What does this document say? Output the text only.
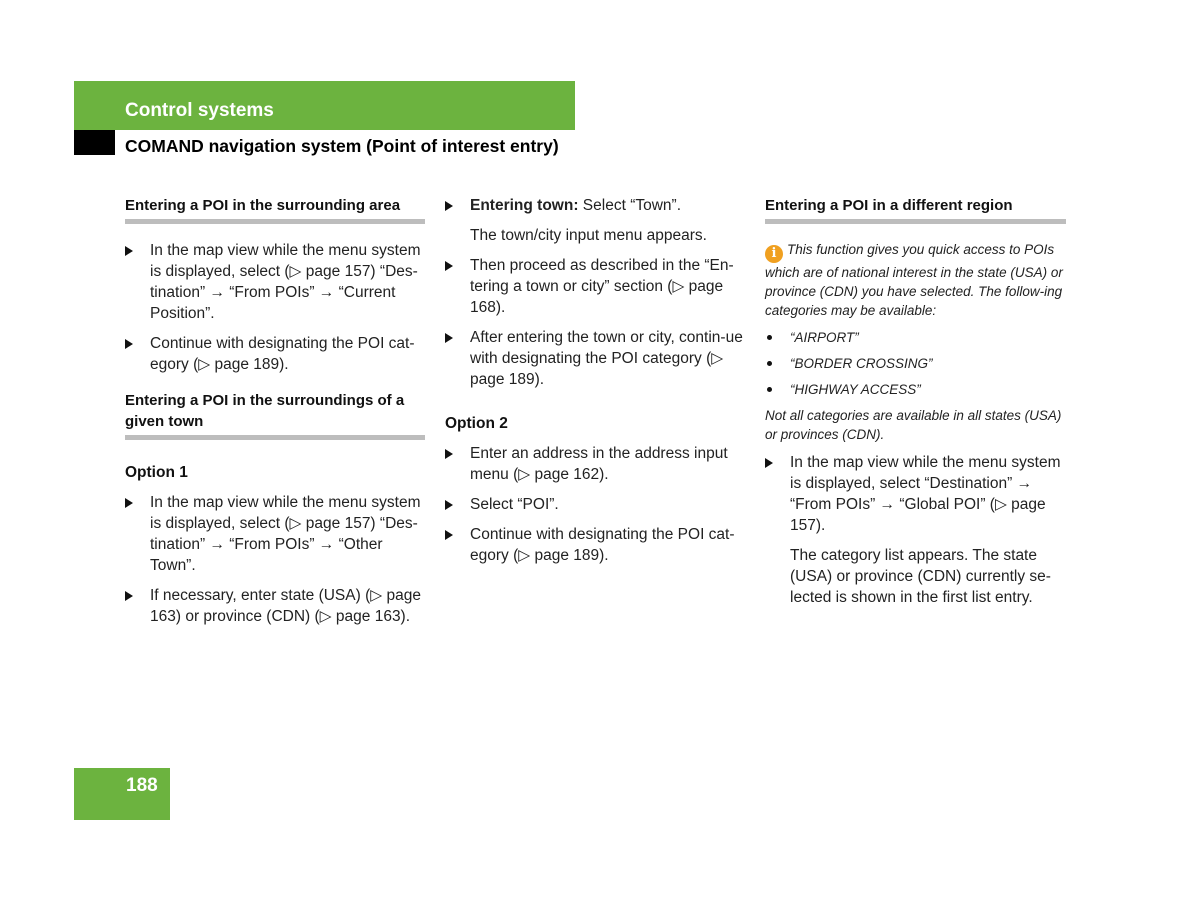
Control systems
COMAND navigation system (Point of interest entry)
Entering a POI in the surrounding area
In the map view while the menu system is displayed, select (▷ page 157) “Des-tination” → “From POIs” → “Current Position”.
Continue with designating the POI cat-egory (▷ page 189).
Entering a POI in the surroundings of a given town
Option 1
In the map view while the menu system is displayed, select (▷ page 157) “Des-tination” → “From POIs” → “Other Town”.
If necessary, enter state (USA) (▷ page 163) or province (CDN) (▷ page 163).
Entering town: Select “Town”.
The town/city input menu appears.
Then proceed as described in the “En-tering a town or city” section (▷ page 168).
After entering the town or city, contin-ue with designating the POI category (▷ page 189).
Option 2
Enter an address in the address input menu (▷ page 162).
Select “POI”.
Continue with designating the POI cat-egory (▷ page 189).
Entering a POI in a different region
i This function gives you quick access to POIs which are of national interest in the state (USA) or province (CDN) you have selected. The follow-ing categories may be available:
“AIRPORT”
“BORDER CROSSING”
“HIGHWAY ACCESS”
Not all categories are available in all states (USA) or provinces (CDN).
In the map view while the menu system is displayed, select “Destination” → “From POIs” → “Global POI” (▷ page 157).
The category list appears. The state (USA) or province (CDN) currently se-lected is shown in the first list entry.
188
